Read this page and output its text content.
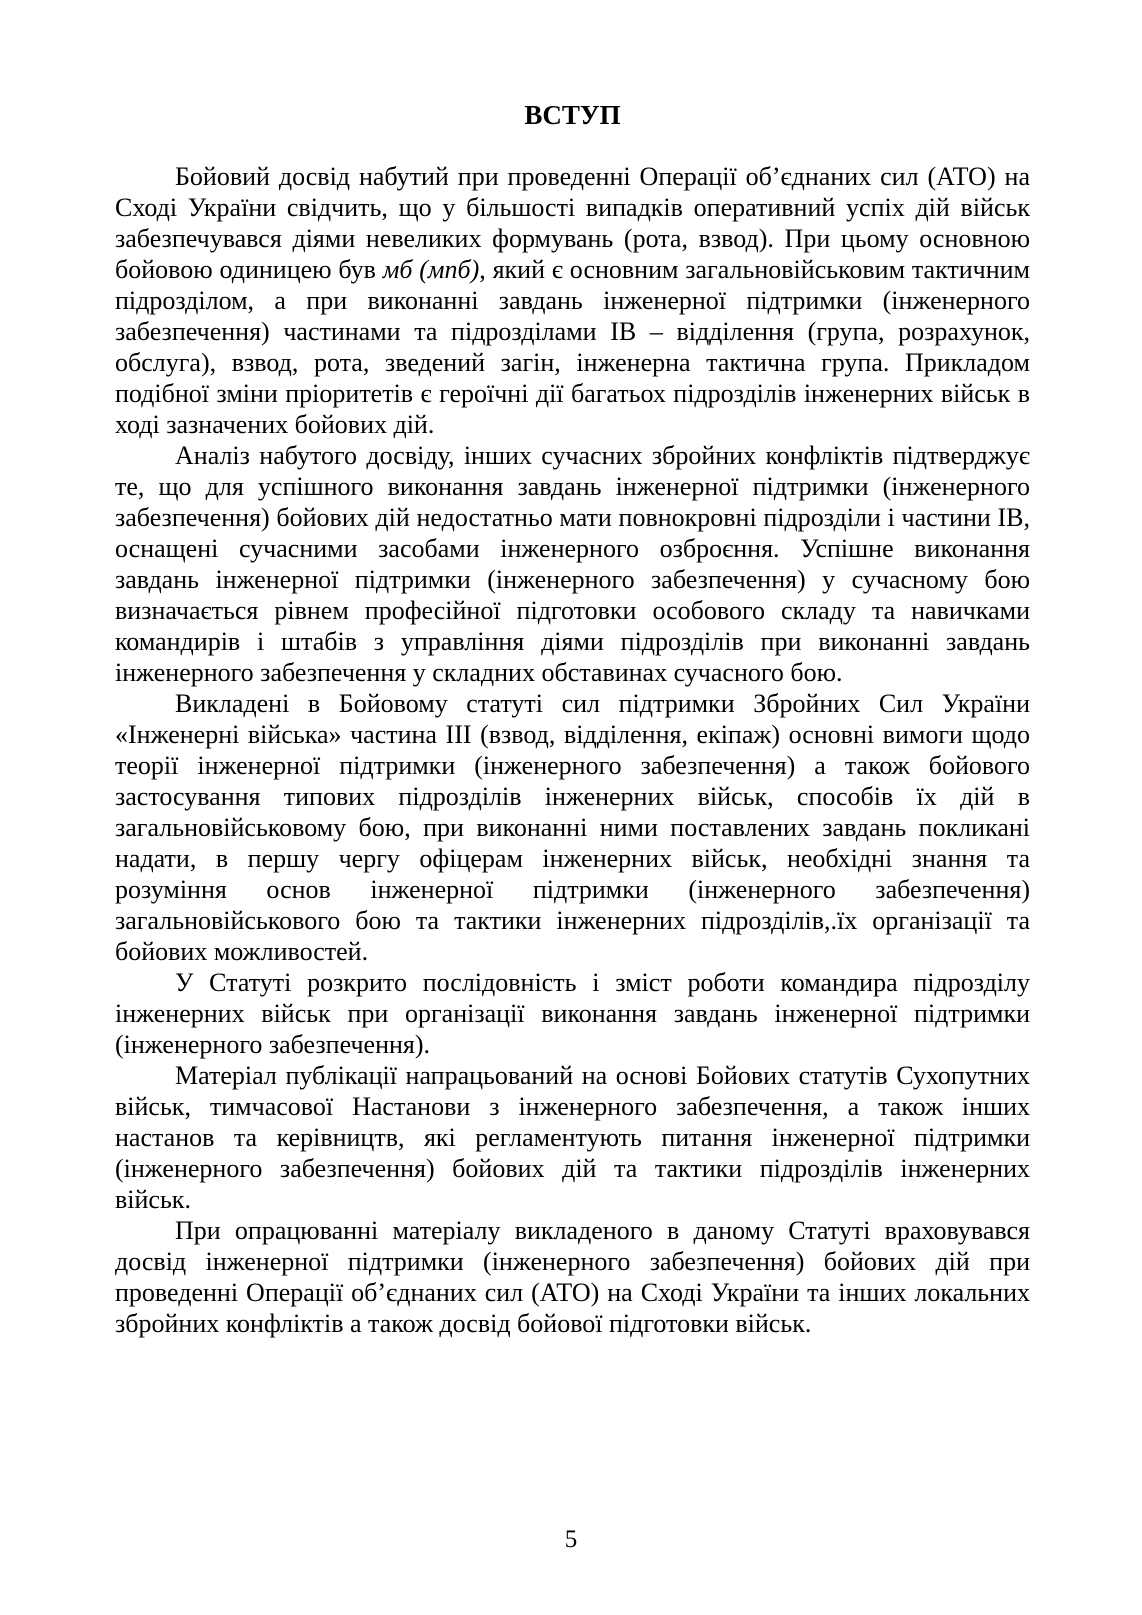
ВСТУП

Бойовий досвід набутий при проведенні Операції об’єднаних сил (АТО) на Сході України свідчить, що у більшості випадків оперативний успіх дій військ забезпечувався діями невеликих формувань (рота, взвод). При цьому основною бойовою одиницею був мб (мпб), який є основним загальновійськовим тактичним підрозділом, а при виконанні завдань інженерної підтримки (інженерного забезпечення) частинами та підрозділами ІВ – відділення (група, розрахунок, обслуга), взвод, рота, зведений загін, інженерна тактична група. Прикладом подібної зміни пріоритетів є героїчні дії багатьох підрозділів інженерних військ в ході зазначених бойових дій.

Аналіз набутого досвіду, інших сучасних збройних конфліктів підтверджує те, що для успішного виконання завдань інженерної підтримки (інженерного забезпечення) бойових дій недостатньо мати повнокровні підрозділи і частини ІВ, оснащені сучасними засобами інженерного озброєння. Успішне виконання завдань інженерної підтримки (інженерного забезпечення) у сучасному бою визначається рівнем професійної підготовки особового складу та навичками командирів і штабів з управління діями підрозділів при виконанні завдань інженерного забезпечення у складних обставинах сучасного бою.

Викладені в Бойовому статуті сил підтримки Збройних Сил України «Інженерні війська» частина ІІІ (взвод, відділення, екіпаж) основні вимоги щодо теорії інженерної підтримки (інженерного забезпечення) а також бойового застосування типових підрозділів інженерних військ, способів їх дій в загальновійськовому бою, при виконанні ними поставлених завдань покликані надати, в першу чергу офіцерам інженерних військ, необхідні знання та розуміння основ інженерної підтримки (інженерного забезпечення) загальновійськового бою та тактики інженерних підрозділів,.їх організації та бойових можливостей.

У Статуті розкрито послідовність і зміст роботи командира підрозділу інженерних військ при організації виконання завдань інженерної підтримки (інженерного забезпечення).

Матеріал публікації напрацьований на основі Бойових статутів Сухопутних військ, тимчасової Настанови з інженерного забезпечення, а також інших настанов та керівництв, які регламентують питання інженерної підтримки (інженерного забезпечення) бойових дій та тактики підрозділів інженерних військ.

При опрацюванні матеріалу викладеного в даному Статуті враховувався досвід інженерної підтримки (інженерного забезпечення) бойових дій при проведенні Операції об’єднаних сил (АТО) на Сході України та інших локальних збройних конфліктів а також досвід бойової підготовки військ.

5
